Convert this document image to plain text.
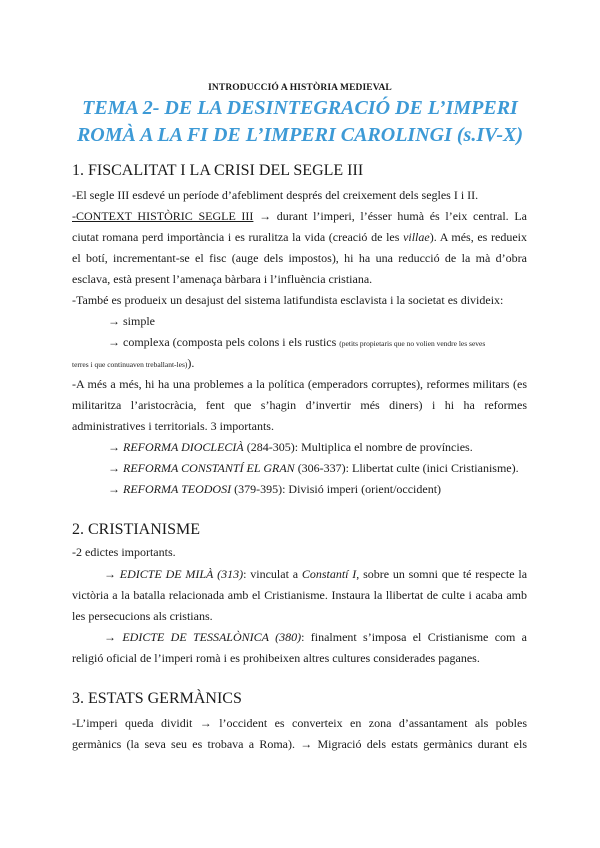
INTRODUCCIÓ A HISTÒRIA MEDIEVAL
TEMA 2- DE LA DESINTEGRACIÓ DE L’IMPERI
ROMÀ A LA FI DE L’IMPERI CAROLINGI (s.IV-X)
1. FISCALITAT I LA CRISI DEL SEGLE III
-El segle III esdevé un període d’afebliment després del creixement dels segles I i II.
-CONTEXT HISTÒRIC SEGLE III → durant l’imperi, l’ésser humà és l’eix central. La
ciutat romana perd importància i es ruralitza la vida (creació de les villae). A més, es redueix
el botí, incrementant-se el fisc (auge dels impostos), hi ha una reducció de la mà d’obra
esclava, està present l’amenaça bàrbara i l’influència cristiana.
-També es produeix un desajust del sistema latifundista esclavista i la societat es divideix:
→ simple
→ complexa (composta pels colons i els rustics (petits propietaris que no volien vendre les seves
terres i que continuaven treballant-les)).
-A més a més, hi ha una problemes a la política (emperadors corruptes), reformes militars (es
militaritza l’aristocràcia, fent que s’hagin d’invertir més diners) i hi ha reformes
administratives i territorials. 3 importants.
→ REFORMA DIOCLECIÀ (284-305): Multiplica el nombre de províncies.
→ REFORMA CONSTANTÍ EL GRAN (306-337): Llibertat culte (inici Cristianisme).
→ REFORMA TEODOSI (379-395): Divisió imperi (orient/occident)
2. CRISTIANISME
-2 edictes importants.
→ EDICTE DE MILÀ (313): vinculat a Constantí I, sobre un somni que té respecte la
victòria a la batalla relacionada amb el Cristianisme. Instaura la llibertat de culte i acaba amb
les persecucions als cristians.
→ EDICTE DE TESSALÒNICA (380): finalment s’imposa el Cristianisme com a
religió oficial de l’imperi romà i es prohibeixen altres cultures considerades paganes.
3. ESTATS GERMÀNICS
-L’imperi queda dividit → l’occident es converteix en zona d’assantament als pobles
germànics (la seva seu es trobava a Roma). → Migració dels estats germànics durant els
